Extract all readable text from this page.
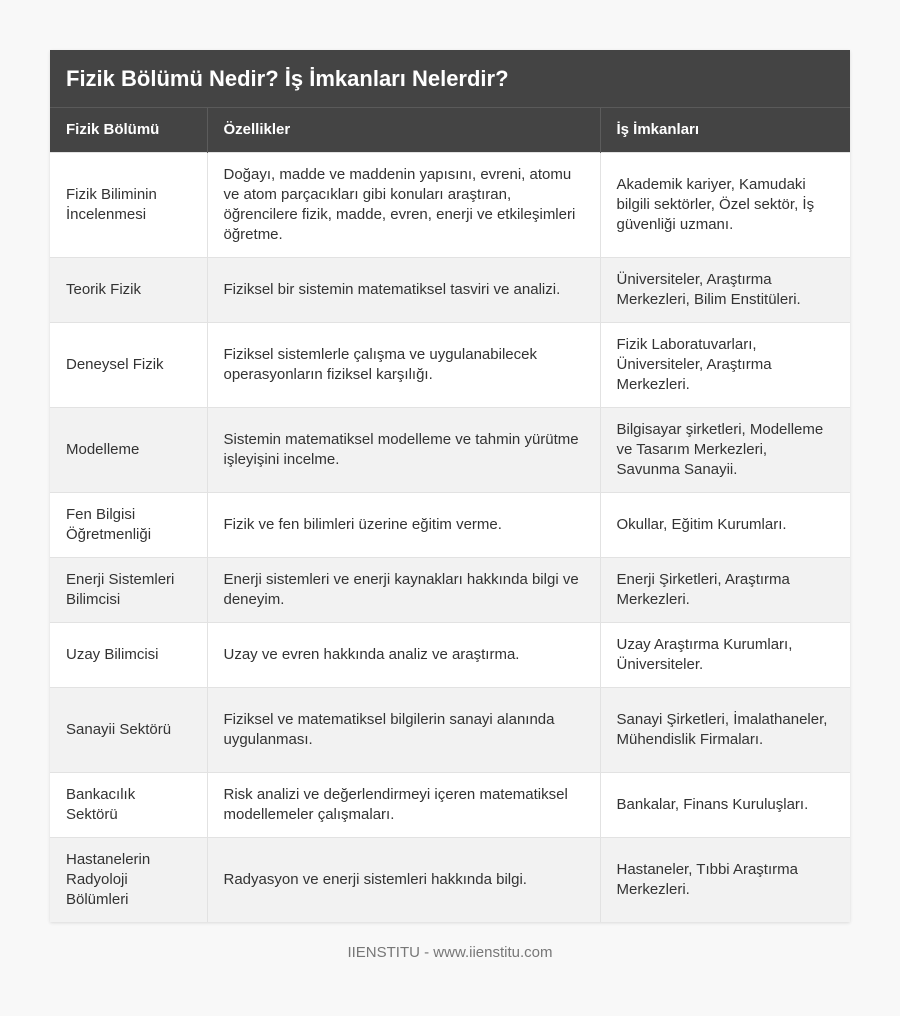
Fizik Bölümü Nedir? İş İmkanları Nelerdir?
Fizik Bölümü	Özellikler	İş İmkanları
Fizik Biliminin İncelenmesi	Doğayı, madde ve maddenin yapısını, evreni, atomu ve atom parçacıkları gibi konuları araştıran, öğrencilere fizik, madde, evren, enerji ve etkileşimleri öğretme.	Akademik kariyer, Kamudaki bilgili sektörler, Özel sektör, İş güvenliği uzmanı.
Teorik Fizik	Fiziksel bir sistemin matematiksel tasviri ve analizi.	Üniversiteler, Araştırma Merkezleri, Bilim Enstitüleri.
Deneysel Fizik	Fiziksel sistemlerle çalışma ve uygulanabilecek operasyonların fiziksel karşılığı.	Fizik Laboratuvarları, Üniversiteler, Araştırma Merkezleri.
Modelleme	Sistemin matematiksel modelleme ve tahmin yürütme işleyişini incelme.	Bilgisayar şirketleri, Modelleme ve Tasarım Merkezleri, Savunma Sanayii.
Fen Bilgisi Öğretmenliği	Fizik ve fen bilimleri üzerine eğitim verme.	Okullar, Eğitim Kurumları.
Enerji Sistemleri Bilimcisi	Enerji sistemleri ve enerji kaynakları hakkında bilgi ve deneyim.	Enerji Şirketleri, Araştırma Merkezleri.
Uzay Bilimcisi	Uzay ve evren hakkında analiz ve araştırma.	Uzay Araştırma Kurumları, Üniversiteler.
Sanayii Sektörü	Fiziksel ve matematiksel bilgilerin sanayi alanında uygulanması.	Sanayi Şirketleri, İmalathaneler, Mühendislik Firmaları.
Bankacılık Sektörü	Risk analizi ve değerlendirmeyi içeren matematiksel modellemeler çalışmaları.	Bankalar, Finans Kuruluşları.
Hastanelerin Radyoloji Bölümleri	Radyasyon ve enerji sistemleri hakkında bilgi.	Hastaneler, Tıbbi Araştırma Merkezleri.
IIENSTITU - www.iienstitu.com
